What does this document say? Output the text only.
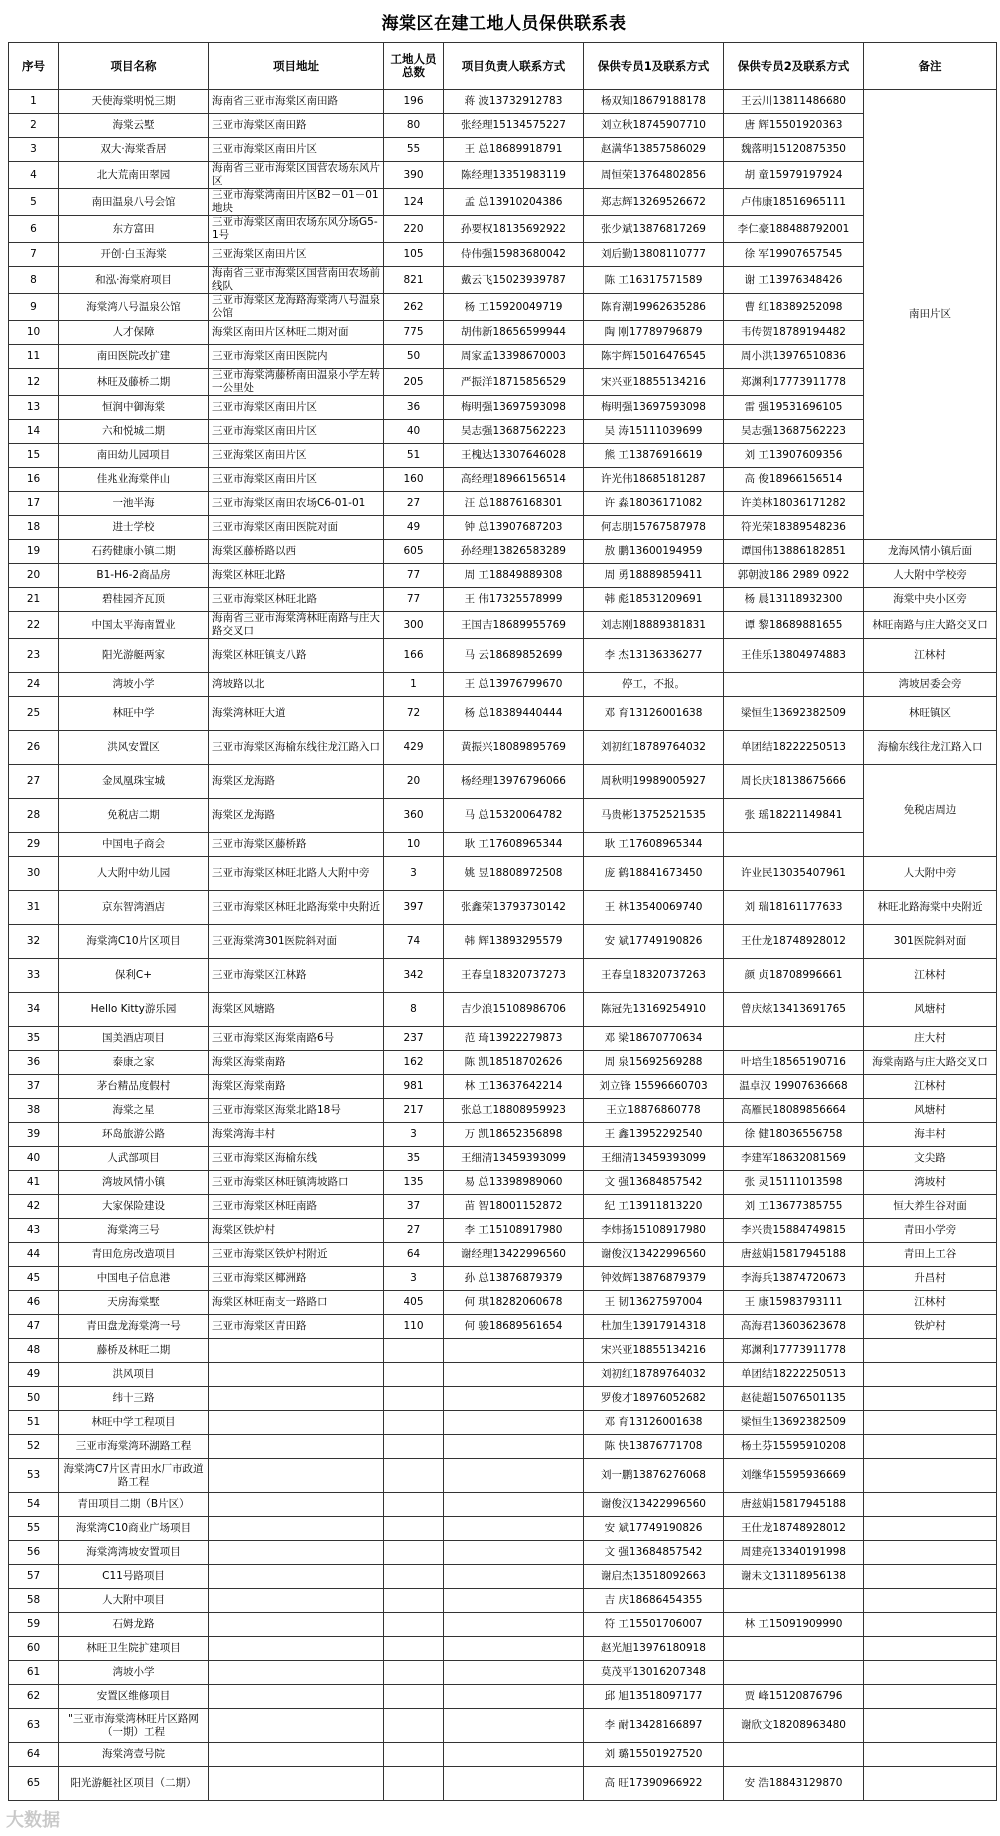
海棠区在建工地人员保供联系表
序号	项目名称	项目地址	工地人员总数	项目负责人联系方式	保供专员1及联系方式	保供专员2及联系方式	备注
1	天使海棠明悦三期	海南省三亚市海棠区南田路	196	蒋 波13732912783	杨双知18679188178	王云川13811486680	南田片区
2	海棠云墅	三亚市海棠区南田路	80	张经理15134575227	刘立秋18745907710	唐 辉15501920363	
3	双大·海棠香居	三亚市海棠区南田片区	55	王 总18689918791	赵满华13857586029	魏落明15120875350	
4	北大荒南田翠园	海南省三亚市海棠区国营农场东风片区	390	陈经理13351983119	周恒荣13764802856	胡 童15979197924	
5	南田温泉八号会馆	三亚市海棠湾南田片区B2－01－01地块	124	孟 总13910204386	郑志辉13269526672	卢伟康18516965111	
6	东方富田	三亚市海棠区南田农场东风分场G5-1号	220	孙要权18135692922	张少斌13876817269	李仁豪188488792001	
7	开创·白玉海棠	三亚海棠区南田片区	105	侍伟强15983680042	刘后勤13808110777	徐 军19907657545	
8	和泓·海棠府项目	海南省三亚市海棠区国营南田农场前线队	821	戴云飞15023939787	陈 工16317571589	谢 工13976348426	
9	海棠湾八号温泉公馆	三亚市海棠区龙海路海棠湾八号温泉公馆	262	杨 工15920049719	陈育潮19962635286	曹 红18389252098	
10	人才保障	海棠区南田片区林旺二期对面	775	胡伟新18656599944	陶 刚17789796879	韦传贺18789194482	
11	南田医院改扩建	三亚市海棠区南田医院内	50	周家孟13398670003	陈宇辉15016476545	周小洪13976510836	
12	林旺及藤桥二期	三亚市海棠湾藤桥南田温泉小学左转一公里处	205	严振洋18715856529	宋兴亚18855134216	郑渊利17773911778	
13	恒润中御海棠	三亚市海棠区南田片区	36	梅明强13697593098	梅明强13697593098	雷 强19531696105	
14	六和悦城二期	三亚市海棠区南田片区	40	吴志强13687562223	吴 涛15111039699	吴志强13687562223	
15	南田幼儿园项目	三亚海棠区南田片区	51	王槐达13307646028	熊 工13876916619	刘 工13907609356	
16	佳兆业海棠伴山	三亚市海棠区南田片区	160	高经理18966156514	许光伟18685181287	高 俊18966156514	
17	一池半海	三亚市海棠区南田农场C6-01-01	27	汪 总18876168301	许 淼18036171082	许美林18036171282	
18	进士学校	三亚市海棠区南田医院对面	49	钟 总13907687203	何志朋15767587978	符光荣18389548236	
19	石药健康小镇二期	海棠区藤桥路以西	605	孙经理13826583289	敖 鹏13600194959	谭国伟13886182851	龙海风情小镇后面
20	B1-H6-2商品房	海棠区林旺北路	77	周 工18849889308	周 勇18889859411	郭朝波186 2989 0922	人大附中学校旁
21	碧桂园齐瓦顶	三亚市海棠区林旺北路	77	王 伟17325578999	韩 彪18531209691	杨 晨13118932300	海棠中央小区旁
22	中国太平海南置业	海南省三亚市海棠湾林旺南路与庄大路交叉口	300	王国吉18689955769	刘志刚18889381831	谭 黎18689881655	林旺南路与庄大路交叉口
23	阳光游艇两家	海棠区林旺镇支八路	166	马 云18689852699	李 杰13136336277	王佳乐13804974883	江林村
24	湾坡小学	湾坡路以北	1	王 总13976799670	停工，不报。		湾坡居委会旁
25	林旺中学	海棠湾林旺大道	72	杨 总18389440444	邓 育13126001638	梁恒生13692382509	林旺镇区
26	洪风安置区	三亚市海棠区海榆东线往龙江路入口	429	黄振兴18089895769	刘初红18789764032	单团结18222250513	海榆东线往龙江路入口
27	金凤凰珠宝城	海棠区龙海路	20	杨经理13976796066	周秋明19989005927	周长庆18138675666	免税店周边
28	免税店二期	海棠区龙海路	360	马 总15320064782	马贵彬13752521535	张 瑶18221149841	
29	中国电子商会	三亚市海棠区藤桥路	10	耿 工17608965344	耿 工17608965344		
30	人大附中幼儿园	三亚市海棠区林旺北路人大附中旁	3	姚 昱18808972508	庞 鹤18841673450	许业民13035407961	人大附中旁
31	京东智湾酒店	三亚市海棠区林旺北路海棠中央附近	397	张鑫荣13793730142	王 林13540069740	刘 瑞18161177633	林旺北路海棠中央附近
32	海棠湾C10片区项目	三亚海棠湾301医院斜对面	74	韩 辉13893295579	安 斌17749190826	王仕龙18748928012	301医院斜对面
33	保利C+	三亚市海棠区江林路	342	王春皇18320737273	王春皇18320737263	颜 贞18708996661	江林村
34	Hello Kitty游乐园	海棠区风塘路	8	吉少浪15108986706	陈冠先13169254910	曾庆炫13413691765	风塘村
35	国美酒店项目	三亚市海棠区海棠南路6号	237	范 琦13922279873	邓 梁18670770634		庄大村
36	泰康之家	海棠区海棠南路	162	陈 凯18518702626	周 泉15692569288	叶培生18565190716	海棠南路与庄大路交叉口
37	茅台精品度假村	海棠区海棠南路	981	林 工13637642214	刘立锋 15596660703	温卓汉 19907636668	江林村
38	海棠之星	三亚市海棠区海棠北路18号	217	张总工18808959923	王立18876860778	高雁民18089856664	风塘村
39	环岛旅游公路	海棠湾海丰村	3	万 凯18652356898	王 鑫13952292540	徐 健18036556758	海丰村
40	人武部项目	三亚市海棠区海榆东线	35	王细清13459393099	王细清13459393099	李建军18632081569	文尖路
41	湾坡风情小镇	三亚市海棠区林旺镇湾坡路口	135	易 总13398989060	文 强13684857542	张 灵15111013598	湾坡村
42	大家保险建设	三亚市海棠区林旺南路	37	苗 智18001152872	纪 工13911813220	刘 工13677385755	恒大养生谷对面
43	海棠湾三号	海棠区铁炉村	27	李 工15108917980	李炜扬15108917980	李兴贵15884749815	青田小学旁
44	青田危房改造项目	三亚市海棠区铁炉村附近	64	谢经理13422996560	谢俊汉13422996560	唐兹娟15817945188	青田上工谷
45	中国电子信息港	三亚市海棠区椰洲路	3	孙 总13876879379	钟效辉13876879379	李海兵13874720673	升昌村
46	天房海棠墅	海棠区林旺南支一路路口	405	何 琪18282060678	王 韧13627597004	王 康15983793111	江林村
47	青田盘龙海棠湾一号	三亚市海棠区青田路	110	何 骏18689561654	杜加生13917914318	高海君13603623678	铁炉村
48	藤桥及林旺二期				宋兴亚18855134216	郑渊利17773911778	
49	洪风项目				刘初红18789764032	单团结18222250513	
50	纬十三路				罗俊才18976052682	赵徒超15076501135	
51	林旺中学工程项目				邓 育13126001638	梁恒生13692382509	
52	三亚市海棠湾环湖路工程				陈 快13876771708	杨土芬15595910208	
53	海棠湾C7片区青田水厂市政道路工程				刘一鹏13876276068	刘继华15595936669	
54	青田项目二期（B片区）				谢俊汉13422996560	唐兹娟15817945188	
55	海棠湾C10商业广场项目				安 斌17749190826	王仕龙18748928012	
56	海棠湾湾坡安置项目				文 强13684857542	周建亮13340191998	
57	C11号路项目				谢启杰13518092663	谢未文13118956138	
58	人大附中项目				吉 庆18686454355		
59	石姆龙路				符 工15501706007	林 工15091909990	
60	林旺卫生院扩建项目				赵光旭13976180918		
61	湾坡小学				莫茂平13016207348		
62	安置区维修项目				邱 旭13518097177	贾 峰15120876796	
63	"三亚市海棠湾林旺片区路网（一期）工程				李 耐13428166897	谢欣文18208963480	
64	海棠湾壹号院				刘 璐15501927520		
65	阳光游艇社区项目（二期）				高 旺17390966922	安 浩18843129870	
大数据
